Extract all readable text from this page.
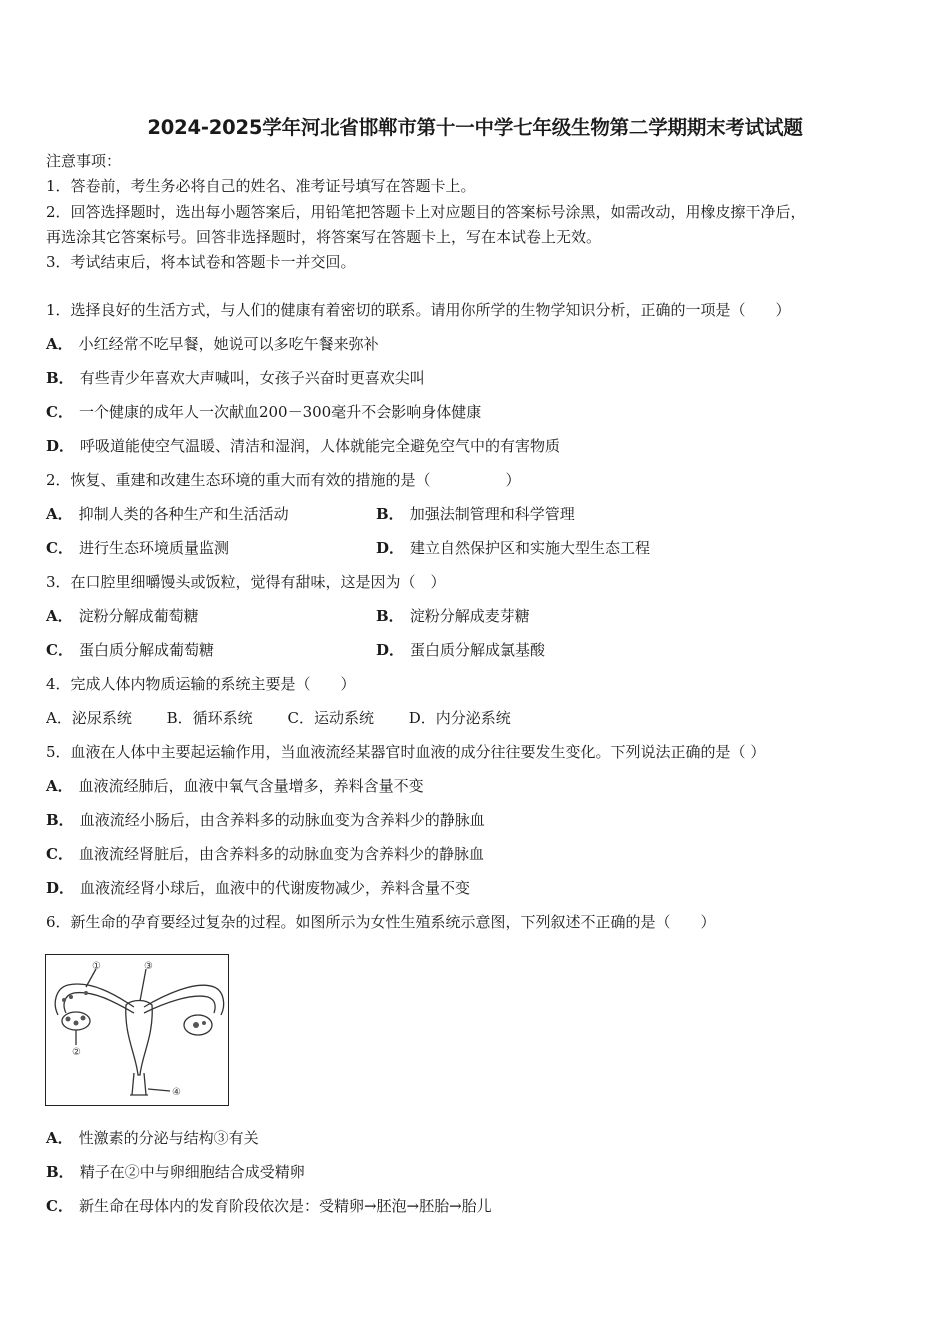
2024-2025学年河北省邯郸市第十一中学七年级生物第二学期期末考试试题
注意事项：
1．答卷前，考生务必将自己的姓名、准考证号填写在答题卡上。
2．回答选择题时，选出每小题答案后，用铅笔把答题卡上对应题目的答案标号涂黑，如需改动，用橡皮擦干净后，
再选涂其它答案标号。回答非选择题时，将答案写在答题卡上，写在本试卷上无效。
3．考试结束后，将本试卷和答题卡一并交回。
1．选择良好的生活方式，与人们的健康有着密切的联系。请用你所学的生物学知识分析，正确的一项是（　　）
A． 小红经常不吃早餐，她说可以多吃午餐来弥补
B． 有些青少年喜欢大声喊叫，女孩子兴奋时更喜欢尖叫
C． 一个健康的成年人一次献血200－300毫升不会影响身体健康
D． 呼吸道能使空气温暖、清洁和湿润，人体就能完全避免空气中的有害物质
2．恢复、重建和改建生态环境的重大而有效的措施的是（　　　　　）
A． 抑制人类的各种生产和生活活动	B． 加强法制管理和科学管理
C． 进行生态环境质量监测	D． 建立自然保护区和实施大型生态工程
3．在口腔里细嚼馒头或饭粒，觉得有甜味，这是因为（　）
A． 淀粉分解成葡萄糖	B． 淀粉分解成麦芽糖
C． 蛋白质分解成葡萄糖	D． 蛋白质分解成氯基酸
4．完成人体内物质运输的系统主要是（　　）
A．泌尿系统 B．循环系统 C．运动系统 D．内分泌系统
5．血液在人体中主要起运输作用，当血液流经某器官时血液的成分往往要发生变化。下列说法正确的是（ ）
A． 血液流经肺后，血液中氧气含量增多，养料含量不变
B． 血液流经小肠后，由含养料多的动脉血变为含养料少的静脉血
C． 血液流经肾脏后，由含养料多的动脉血变为含养料少的静脉血
D． 血液流经肾小球后，血液中的代谢废物减少，养料含量不变
6．新生命的孕育要经过复杂的过程。如图所示为女性生殖系统示意图，下列叙述不正确的是（　　）
①	③
②
④
A． 性激素的分泌与结构③有关
B． 精子在②中与卵细胞结合成受精卵
C． 新生命在母体内的发育阶段依次是：受精卵→胚泡→胚胎→胎儿
